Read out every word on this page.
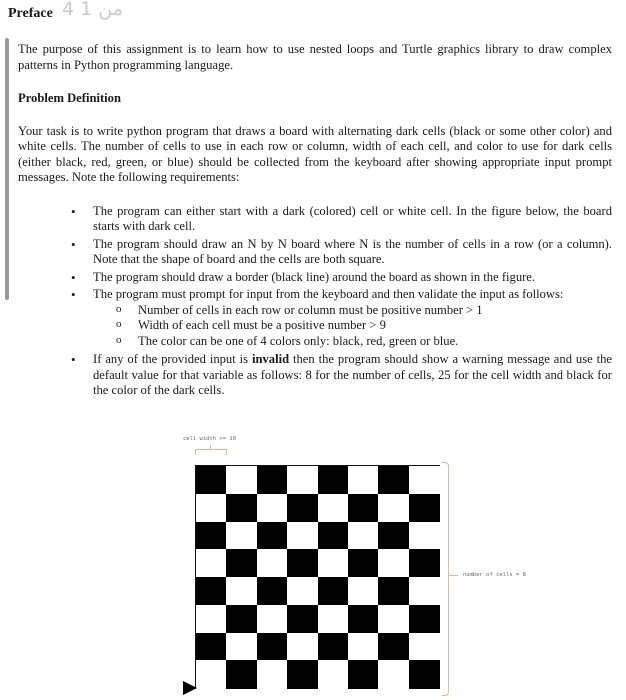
4 من 1
Preface

The purpose of this assignment is to learn how to use nested loops and Turtle graphics library to draw complex patterns in Python programming language.

Problem Definition

Your task is to write python program that draws a board with alternating dark cells (black or some other color) and white cells. The number of cells to use in each row or column, width of each cell, and color to use for dark cells (either black, red, green, or blue) should be collected from the keyboard after showing appropriate input prompt messages. Note the following requirements:

• The program can either start with a dark (colored) cell or white cell. In the figure below, the board starts with dark cell.
• The program should draw an N by N board where N is the number of cells in a row (or a column). Note that the shape of board and the cells are both square.
• The program should draw a border (black line) around the board as shown in the figure.
• The program must prompt for input from the keyboard and then validate the input as follows:
o Number of cells in each row or column must be positive number > 1
o Width of each cell must be a positive number > 9
o The color can be one of 4 colors only: black, red, green or blue.
• If any of the provided input is invalid then the program should show a warning message and use the default value for that variable as follows: 8 for the number of cells, 25 for the cell width and black for the color of the dark cells.
cell width >= 10
number of cells = 8
